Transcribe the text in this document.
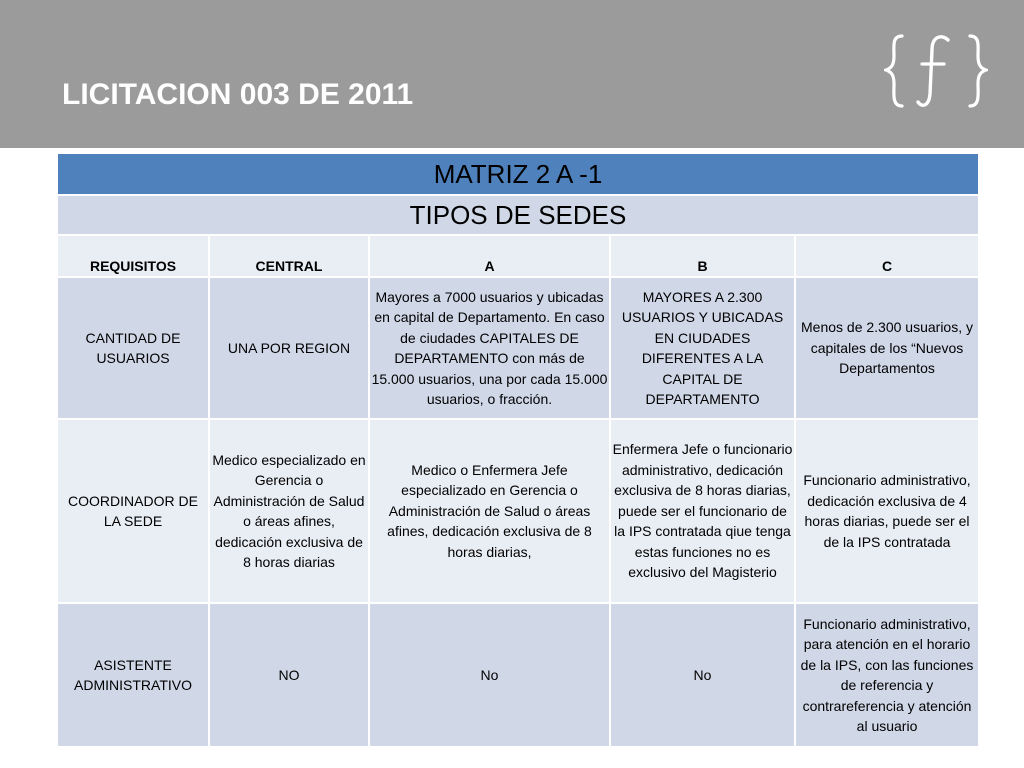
LICITACION 003 DE 2011
MATRIZ 2 A -1				
TIPOS DE SEDES				
REQUISITOS	CENTRAL	A	B	C
CANTIDAD DE USUARIOS	UNA POR REGION	Mayores a 7000 usuarios y ubicadas en capital de Departamento. En caso de ciudades CAPITALES DE DEPARTAMENTO con más de 15.000 usuarios, una por cada 15.000 usuarios, o fracción.	MAYORES A 2.300 USUARIOS Y UBICADAS EN CIUDADES DIFERENTES A LA CAPITAL DE DEPARTAMENTO	Menos de 2.300 usuarios, y capitales de los “Nuevos Departamentos
COORDINADOR DE LA SEDE	Medico especializado en Gerencia o Administración de Salud o áreas afines, dedicación exclusiva de 8 horas diarias	Medico o Enfermera Jefe especializado en Gerencia o Administración de Salud o áreas afines, dedicación exclusiva de 8 horas diarias,	Enfermera Jefe o funcionario administrativo, dedicación exclusiva de 8 horas diarias, puede ser el funcionario de la IPS contratada qiue tenga estas funciones no es exclusivo del Magisterio	Funcionario administrativo, dedicación exclusiva de 4 horas diarias, puede ser el de la IPS contratada
ASISTENTE ADMINISTRATIVO	NO	No	No	Funcionario administrativo, para atención en el horario de la IPS, con las funciones de referencia y contrareferencia y atención al usuario
